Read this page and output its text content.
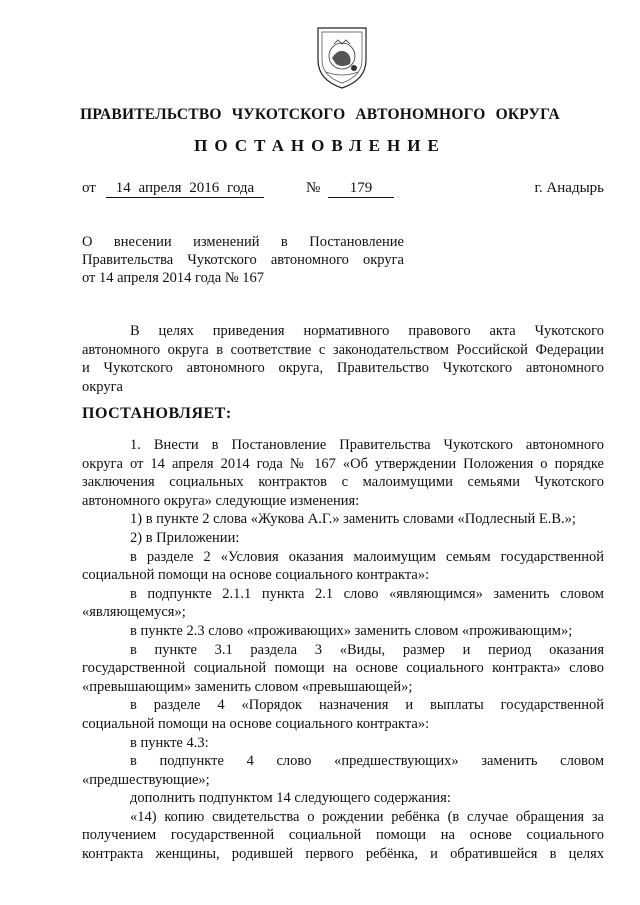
ПРАВИТЕЛЬСТВО ЧУКОТСКОГО АВТОНОМНОГО ОКРУГА
ПОСТАНОВЛЕНИЕ
от	14 апреля 2016 года	№	179	г. Анадырь
О внесении изменений в Постановление
Правительства Чукотского автономного округа
от 14 апреля 2014 года № 167
В целях приведения нормативного правового акта Чукотского
автономного округа в соответствие с законодательством Российской Федерации
и Чукотского автономного округа, Правительство Чукотского автономного
округа
ПОСТАНОВЛЯЕТ:
1. Внести в Постановление Правительства Чукотского автономного
округа от 14 апреля 2014 года № 167 «Об утверждении Положения о порядке
заключения социальных контрактов с малоимущими семьями Чукотского
автономного округа» следующие изменения:
1) в пункте 2 слова «Жукова А.Г.» заменить словами «Подлесный Е.В.»;
2) в Приложении:
в разделе 2 «Условия оказания малоимущим семьям государственной
социальной помощи на основе социального контракта»:
в подпункте 2.1.1 пункта 2.1 слово «являющимся» заменить словом
«являющемуся»;
в пункте 2.3 слово «проживающих» заменить словом «проживающим»;
в пункте 3.1 раздела 3 «Виды, размер и период оказания
государственной социальной помощи на основе социального контракта» слово
«превышающим» заменить словом «превышающей»;
в разделе 4 «Порядок назначения и выплаты государственной
социальной помощи на основе социального контракта»:
в пункте 4.3:
в подпункте 4 слово «предшествующих» заменить словом
«предшествующие»;
дополнить подпунктом 14 следующего содержания:
«14) копию свидетельства о рождении ребёнка (в случае обращения за
получением государственной социальной помощи на основе социального
контракта женщины, родившей первого ребёнка, и обратившейся в целях
